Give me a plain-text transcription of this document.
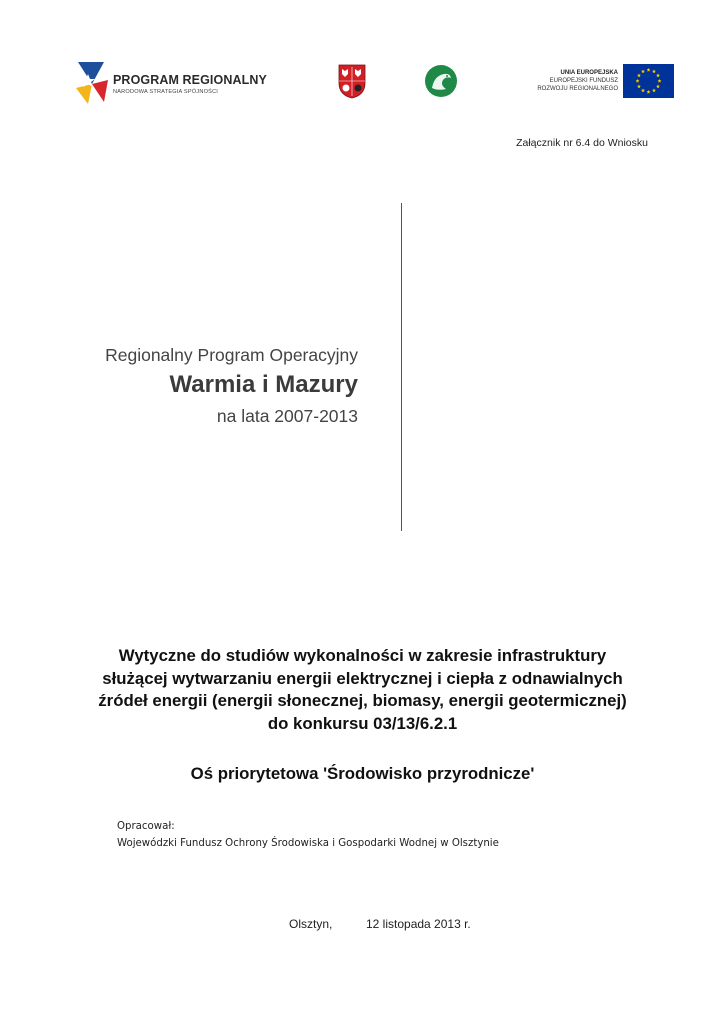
PROGRAM REGIONALNY
NARODOWA STRATEGIA SPÓJNOŚCI
UNIA EUROPEJSKA
EUROPEJSKI FUNDUSZ
ROZWOJU REGIONALNEGO
Załącznik nr 6.4 do Wniosku
Regionalny Program Operacyjny
Warmia i Mazury
na lata 2007-2013
Wytyczne do studiów wykonalności w zakresie infrastruktury
służącej wytwarzaniu energii elektrycznej i ciepła z odnawialnych
źródeł energii (energii słonecznej, biomasy, energii geotermicznej)
do konkursu 03/13/6.2.1
Oś priorytetowa 'Środowisko przyrodnicze'
Opracował:
Wojewódzki Fundusz Ochrony Środowiska i Gospodarki Wodnej w Olsztynie
Olsztyn,	12 listopada 2013 r.
